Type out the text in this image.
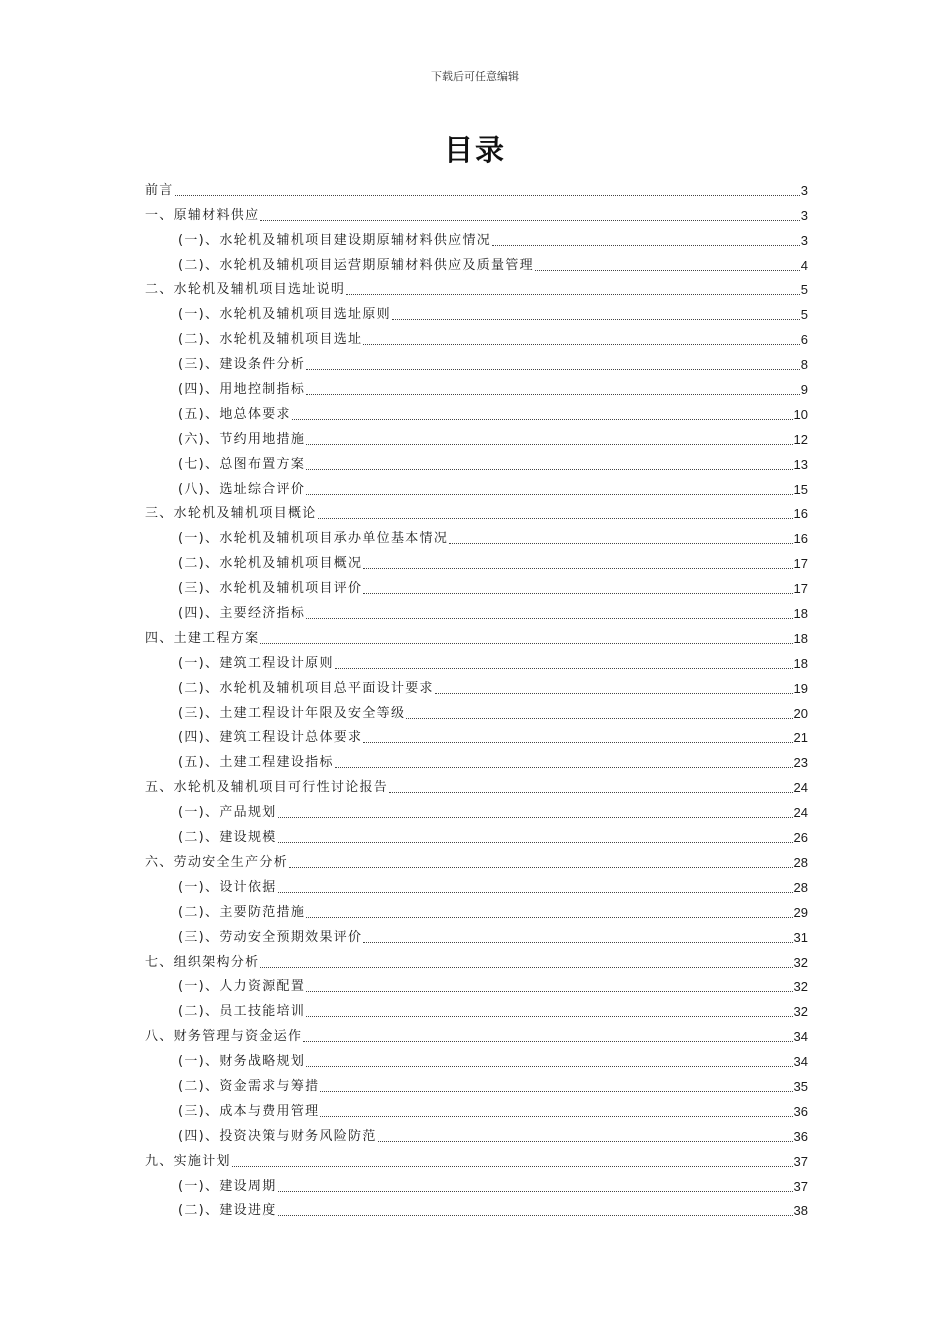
下载后可任意编辑
目录
前言	3
一、原辅材料供应	3
(一)、水轮机及辅机项目建设期原辅材料供应情况	3
(二)、水轮机及辅机项目运营期原辅材料供应及质量管理	4
二、水轮机及辅机项目选址说明	5
(一)、水轮机及辅机项目选址原则	5
(二)、水轮机及辅机项目选址	6
(三)、建设条件分析	8
(四)、用地控制指标	9
(五)、地总体要求	10
(六)、节约用地措施	12
(七)、总图布置方案	13
(八)、选址综合评价	15
三、水轮机及辅机项目概论	16
(一)、水轮机及辅机项目承办单位基本情况	16
(二)、水轮机及辅机项目概况	17
(三)、水轮机及辅机项目评价	17
(四)、主要经济指标	18
四、土建工程方案	18
(一)、建筑工程设计原则	18
(二)、水轮机及辅机项目总平面设计要求	19
(三)、土建工程设计年限及安全等级	20
(四)、建筑工程设计总体要求	21
(五)、土建工程建设指标	23
五、水轮机及辅机项目可行性讨论报告	24
(一)、产品规划	24
(二)、建设规模	26
六、劳动安全生产分析	28
(一)、设计依据	28
(二)、主要防范措施	29
(三)、劳动安全预期效果评价	31
七、组织架构分析	32
(一)、人力资源配置	32
(二)、员工技能培训	32
八、财务管理与资金运作	34
(一)、财务战略规划	34
(二)、资金需求与筹措	35
(三)、成本与费用管理	36
(四)、投资决策与财务风险防范	36
九、实施计划	37
(一)、建设周期	37
(二)、建设进度	38
